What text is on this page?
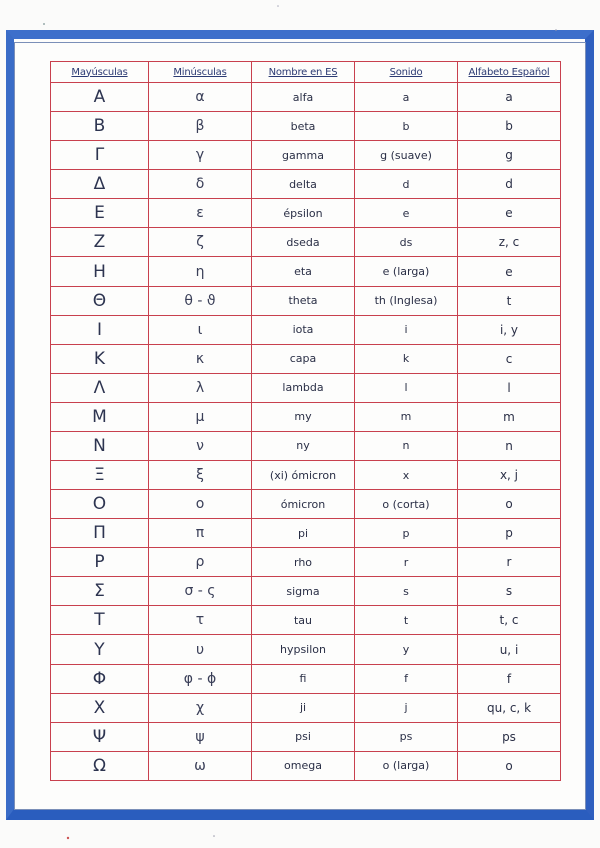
Mayúsculas	Minúsculas	Nombre en ES	Sonido	Alfabeto Español
Α	α	alfa	a	a
Β	β	beta	b	b
Γ	γ	gamma	g (suave)	g
Δ	δ	delta	d	d
Ε	ε	épsilon	e	e
Ζ	ζ	dseda	ds	z, c
Η	η	eta	e (larga)	e
Θ	θ - ϑ	theta	th (Inglesa)	t
Ι	ι	iota	i	i, y
Κ	κ	capa	k	c
Λ	λ	lambda	l	l
Μ	μ	my	m	m
Ν	ν	ny	n	n
Ξ	ξ	(xi) ómicron	x	x, j
Ο	ο	ómicron	o (corta)	o
Π	π	pi	p	p
Ρ	ρ	rho	r	r
Σ	σ - ς	sigma	s	s
Τ	τ	tau	t	t, c
Υ	υ	hypsilon	y	u, i
Φ	φ - ϕ	fi	f	f
Χ	χ	ji	j	qu, c, k
Ψ	ψ	psi	ps	ps
Ω	ω	omega	o (larga)	o
